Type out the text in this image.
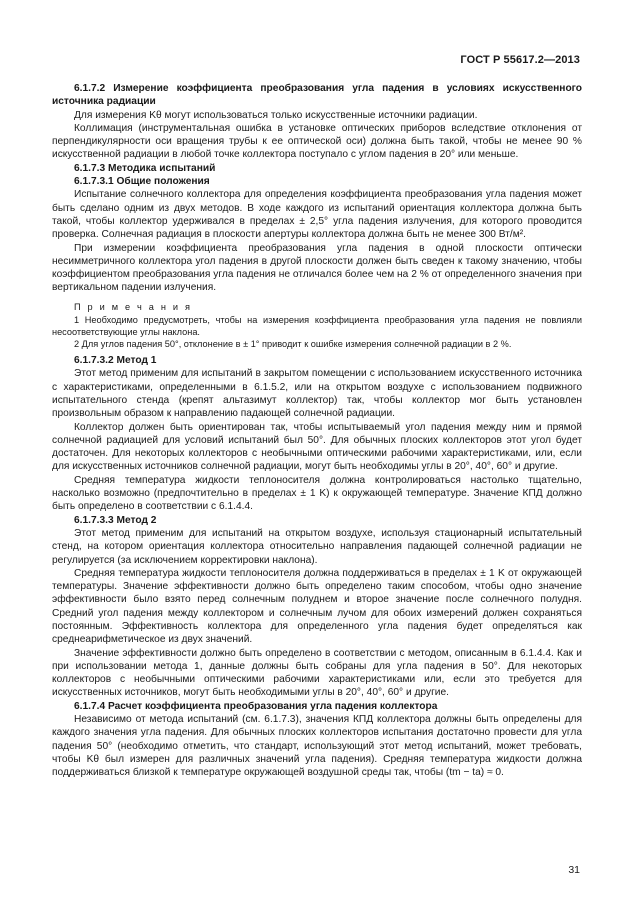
ГОСТ Р 55617.2—2013

6.1.7.2 Измерение коэффициента преобразования угла падения в условиях искусственного источника радиации

Для измерения Kθ могут использоваться только искусственные источники радиации.

Коллимация (инструментальная ошибка в установке оптических приборов вследствие отклонения от перпендикулярности оси вращения трубы к ее оптической оси) должна быть такой, чтобы не менее 90 % искусственной радиации в любой точке коллектора поступало с углом падения в 20° или меньше.

6.1.7.3 Методика испытаний

6.1.7.3.1 Общие положения

Испытание солнечного коллектора для определения коэффициента преобразования угла падения может быть сделано одним из двух методов. В ходе каждого из испытаний ориентация коллектора должна быть такой, чтобы коллектор удерживался в пределах ± 2,5° угла падения излучения, для которого проводится проверка. Солнечная радиация в плоскости апертуры коллектора должна быть не менее 300 Вт/м².

При измерении коэффициента преобразования угла падения в одной плоскости оптически несимметричного коллектора угол падения в другой плоскости должен быть сведен к такому значению, чтобы коэффициентом преобразования угла падения не отличался более чем на 2 % от определенного значения при вертикальном падении излучения.

П р и м е ч а н и я

1 Необходимо предусмотреть, чтобы на измерения коэффициента преобразования угла падения не повлияли несоответствующие углы наклона.

2 Для углов падения 50°, отклонение в ± 1° приводит к ошибке измерения солнечной радиации в 2 %.

6.1.7.3.2 Метод 1

Этот метод применим для испытаний в закрытом помещении с использованием искусственного источника с характеристиками, определенными в 6.1.5.2, или на открытом воздухе с использованием подвижного испытательного стенда (крепят альтазимут коллектор) так, чтобы коллектор мог быть установлен произвольным образом к направлению падающей солнечной радиации.

Коллектор должен быть ориентирован так, чтобы испытываемый угол падения между ним и прямой солнечной радиацией для условий испытаний был 50°. Для обычных плоских коллекторов этот угол будет достаточен. Для некоторых коллекторов с необычными оптическими рабочими характеристиками, или, если для искусственных источников солнечной радиации, могут быть необходимы углы в 20°, 40°, 60° и другие.

Средняя температура жидкости теплоносителя должна контролироваться настолько тщательно, насколько возможно (предпочтительно в пределах ± 1 K) к окружающей температуре. Значение КПД должно быть определено в соответствии с 6.1.4.4.

6.1.7.3.3 Метод 2

Этот метод применим для испытаний на открытом воздухе, используя стационарный испытательный стенд, на котором ориентация коллектора относительно направления падающей солнечной радиации не регулируется (за исключением корректировки наклона).

Средняя температура жидкости теплоносителя должна поддерживаться в пределах ± 1 K от окружающей температуры. Значение эффективности должно быть определено таким способом, чтобы одно значение эффективности было взято перед солнечным полуднем и второе значение после солнечного полудня. Средний угол падения между коллектором и солнечным лучом для обоих измерений должен сохраняться постоянным. Эффективность коллектора для определенного угла падения будет определяться как среднеарифметическое из двух значений.

Значение эффективности должно быть определено в соответствии с методом, описанным в 6.1.4.4. Как и при использовании метода 1, данные должны быть собраны для угла падения в 50°. Для некоторых коллекторов с необычными оптическими рабочими характеристиками или, если это требуется для искусственных источников, могут быть необходимыми углы в 20°, 40°, 60° и другие.

6.1.7.4 Расчет коэффициента преобразования угла падения коллектора

Независимо от метода испытаний (см. 6.1.7.3), значения КПД коллектора должны быть определены для каждого значения угла падения. Для обычных плоских коллекторов испытания достаточно провести для угла падения 50° (необходимо отметить, что стандарт, использующий этот метод испытаний, может требовать, чтобы Kθ был измерен для различных значений угла падения). Средняя температура жидкости должна поддерживаться близкой к температуре окружающей воздушной среды так, чтобы (tm − ta) ≈ 0.

31
